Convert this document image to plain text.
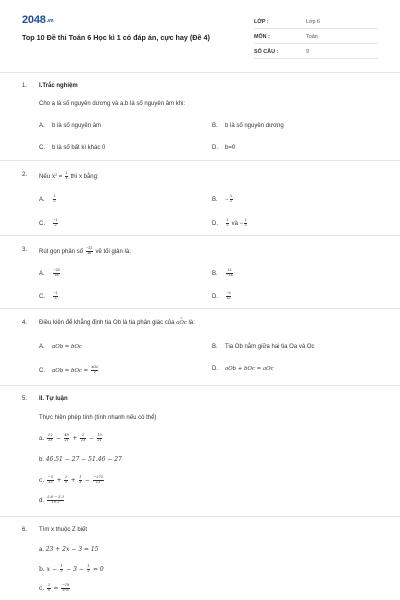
2048.vn
Top 10 Đề thi Toán 6 Học kì 1 có đáp án, cực hay (Đề 4)
LỚP :	Lớp 6
MÔN :	Toán
SỐ CÂU :	9
1. I.Trắc nghiệm
Cho a là số nguyên dương và a.b là số nguyên âm khi:
A. b là số nguyên âm	B. b là số nguyên dương
C. b là số bất kì khác 0	D. b=0
2. Nếu $x^2 = \frac{1}{4}$ thì x bằng:
A. $\frac{1}{2}$	B. − $\frac{1}{2}$
C. $\frac{-1}{2}$	D. $\frac{1}{2}$ và − $\frac{1}{2}$
3. Rút gọn phân số $\frac{-22}{36}$ về tối giản là:
A. $\frac{-29}{18}$	B. $\frac{11}{-18}$
C. $\frac{-1}{3}$	D. $\frac{-4}{12}$
4. Điều kiện để khẳng định tia Ob là tia phân giác của ^ aOc là:
A. aOb = bOc	B. Tia Ob nằm giữa hai tia Oa và Oc
C. aOb = bOc = $\frac{\text{aOc}}{2}$	D. aOb + bOc = aOc
5. II. Tự luận
Thực hiện phép tính (tính nhanh nếu có thể)
a. $\frac{12}{23} - \frac{49}{21} + \frac{2}{23} - \frac{13}{21}$
b. 46.51 − 27 − 51.46 − 27
c. $\frac{-5}{15} + \frac{2}{5} + \frac{1}{3} - \frac{-275}{13}$
d. $\frac{5.8 - 5.3}{10.2}$
6. Tìm x thuộc Z biết
a. 23 + 2x − 3 = 15
b. $x - \frac{1}{2} - 3 - \frac{1}{2} = 0$
c. $\frac{3}{x} = \frac{-18}{105}$
